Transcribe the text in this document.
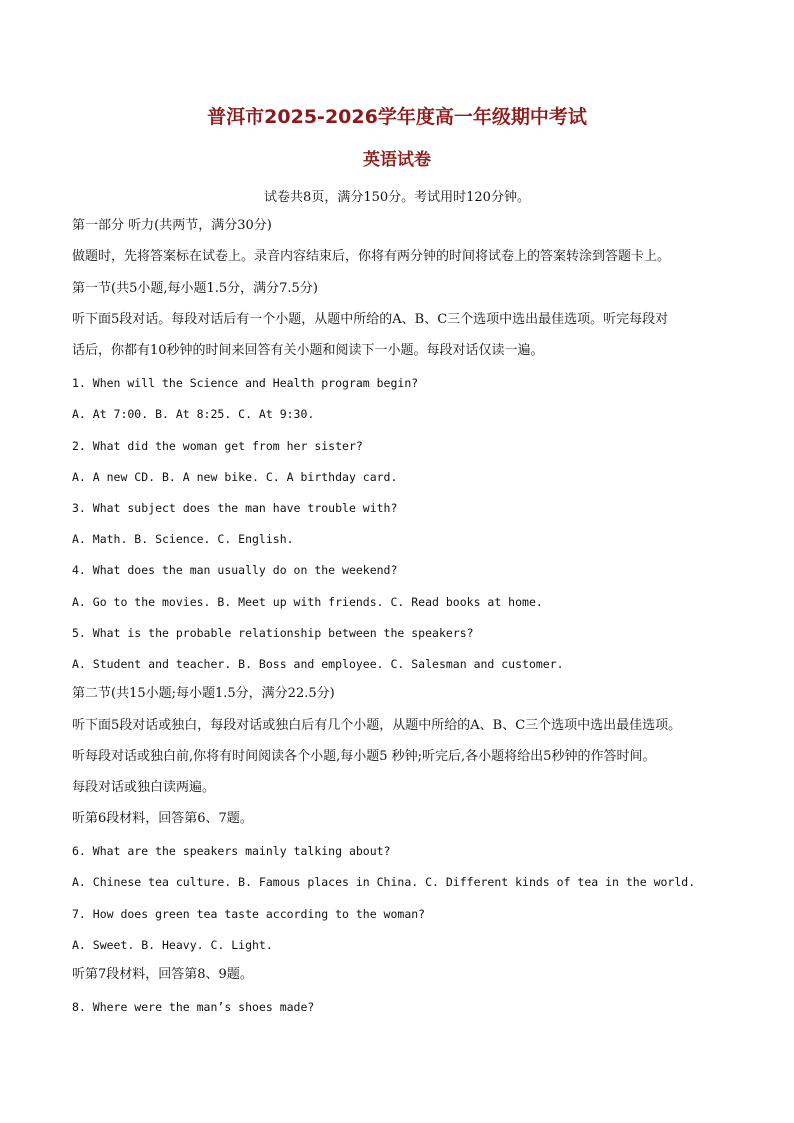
普洱市2025-2026学年度高一年级期中考试
英语试卷
试卷共8页，满分150分。考试用时120分钟。
第一部分 听力(共两节，满分30分)
做题时，先将答案标在试卷上。录音内容结束后，你将有两分钟的时间将试卷上的答案转涂到答题卡上。
第一节(共5小题,每小题1.5分，满分7.5分)
听下面5段对话。每段对话后有一个小题，从题中所给的A、B、C三个选项中选出最佳选项。听完每段对
话后，你都有10秒钟的时间来回答有关小题和阅读下一小题。每段对话仅读一遍。
1. When will the Science and Health program begin?
A. At 7:00. B. At 8:25. C. At 9:30.
2. What did the woman get from her sister?
A. A new CD. B. A new bike. C. A birthday card.
3. What subject does the man have trouble with?
A. Math. B. Science. C. English.
4. What does the man usually do on the weekend?
A. Go to the movies. B. Meet up with friends. C. Read books at home.
5. What is the probable relationship between the speakers?
A. Student and teacher. B. Boss and employee. C. Salesman and customer.
第二节(共15小题;每小题1.5分，满分22.5分)
听下面5段对话或独白，每段对话或独白后有几个小题，从题中所给的A、B、C三个选项中选出最佳选项。
听每段对话或独白前,你将有时间阅读各个小题,每小题5 秒钟;听完后,各小题将给出5秒钟的作答时间。
每段对话或独白读两遍。
听第6段材料，回答第6、7题。
6. What are the speakers mainly talking about?
A. Chinese tea culture. B. Famous places in China. C. Different kinds of tea in the world.
7. How does green tea taste according to the woman?
A. Sweet. B. Heavy. C. Light.
听第7段材料，回答第8、9题。
8. Where were the man’s shoes made?
